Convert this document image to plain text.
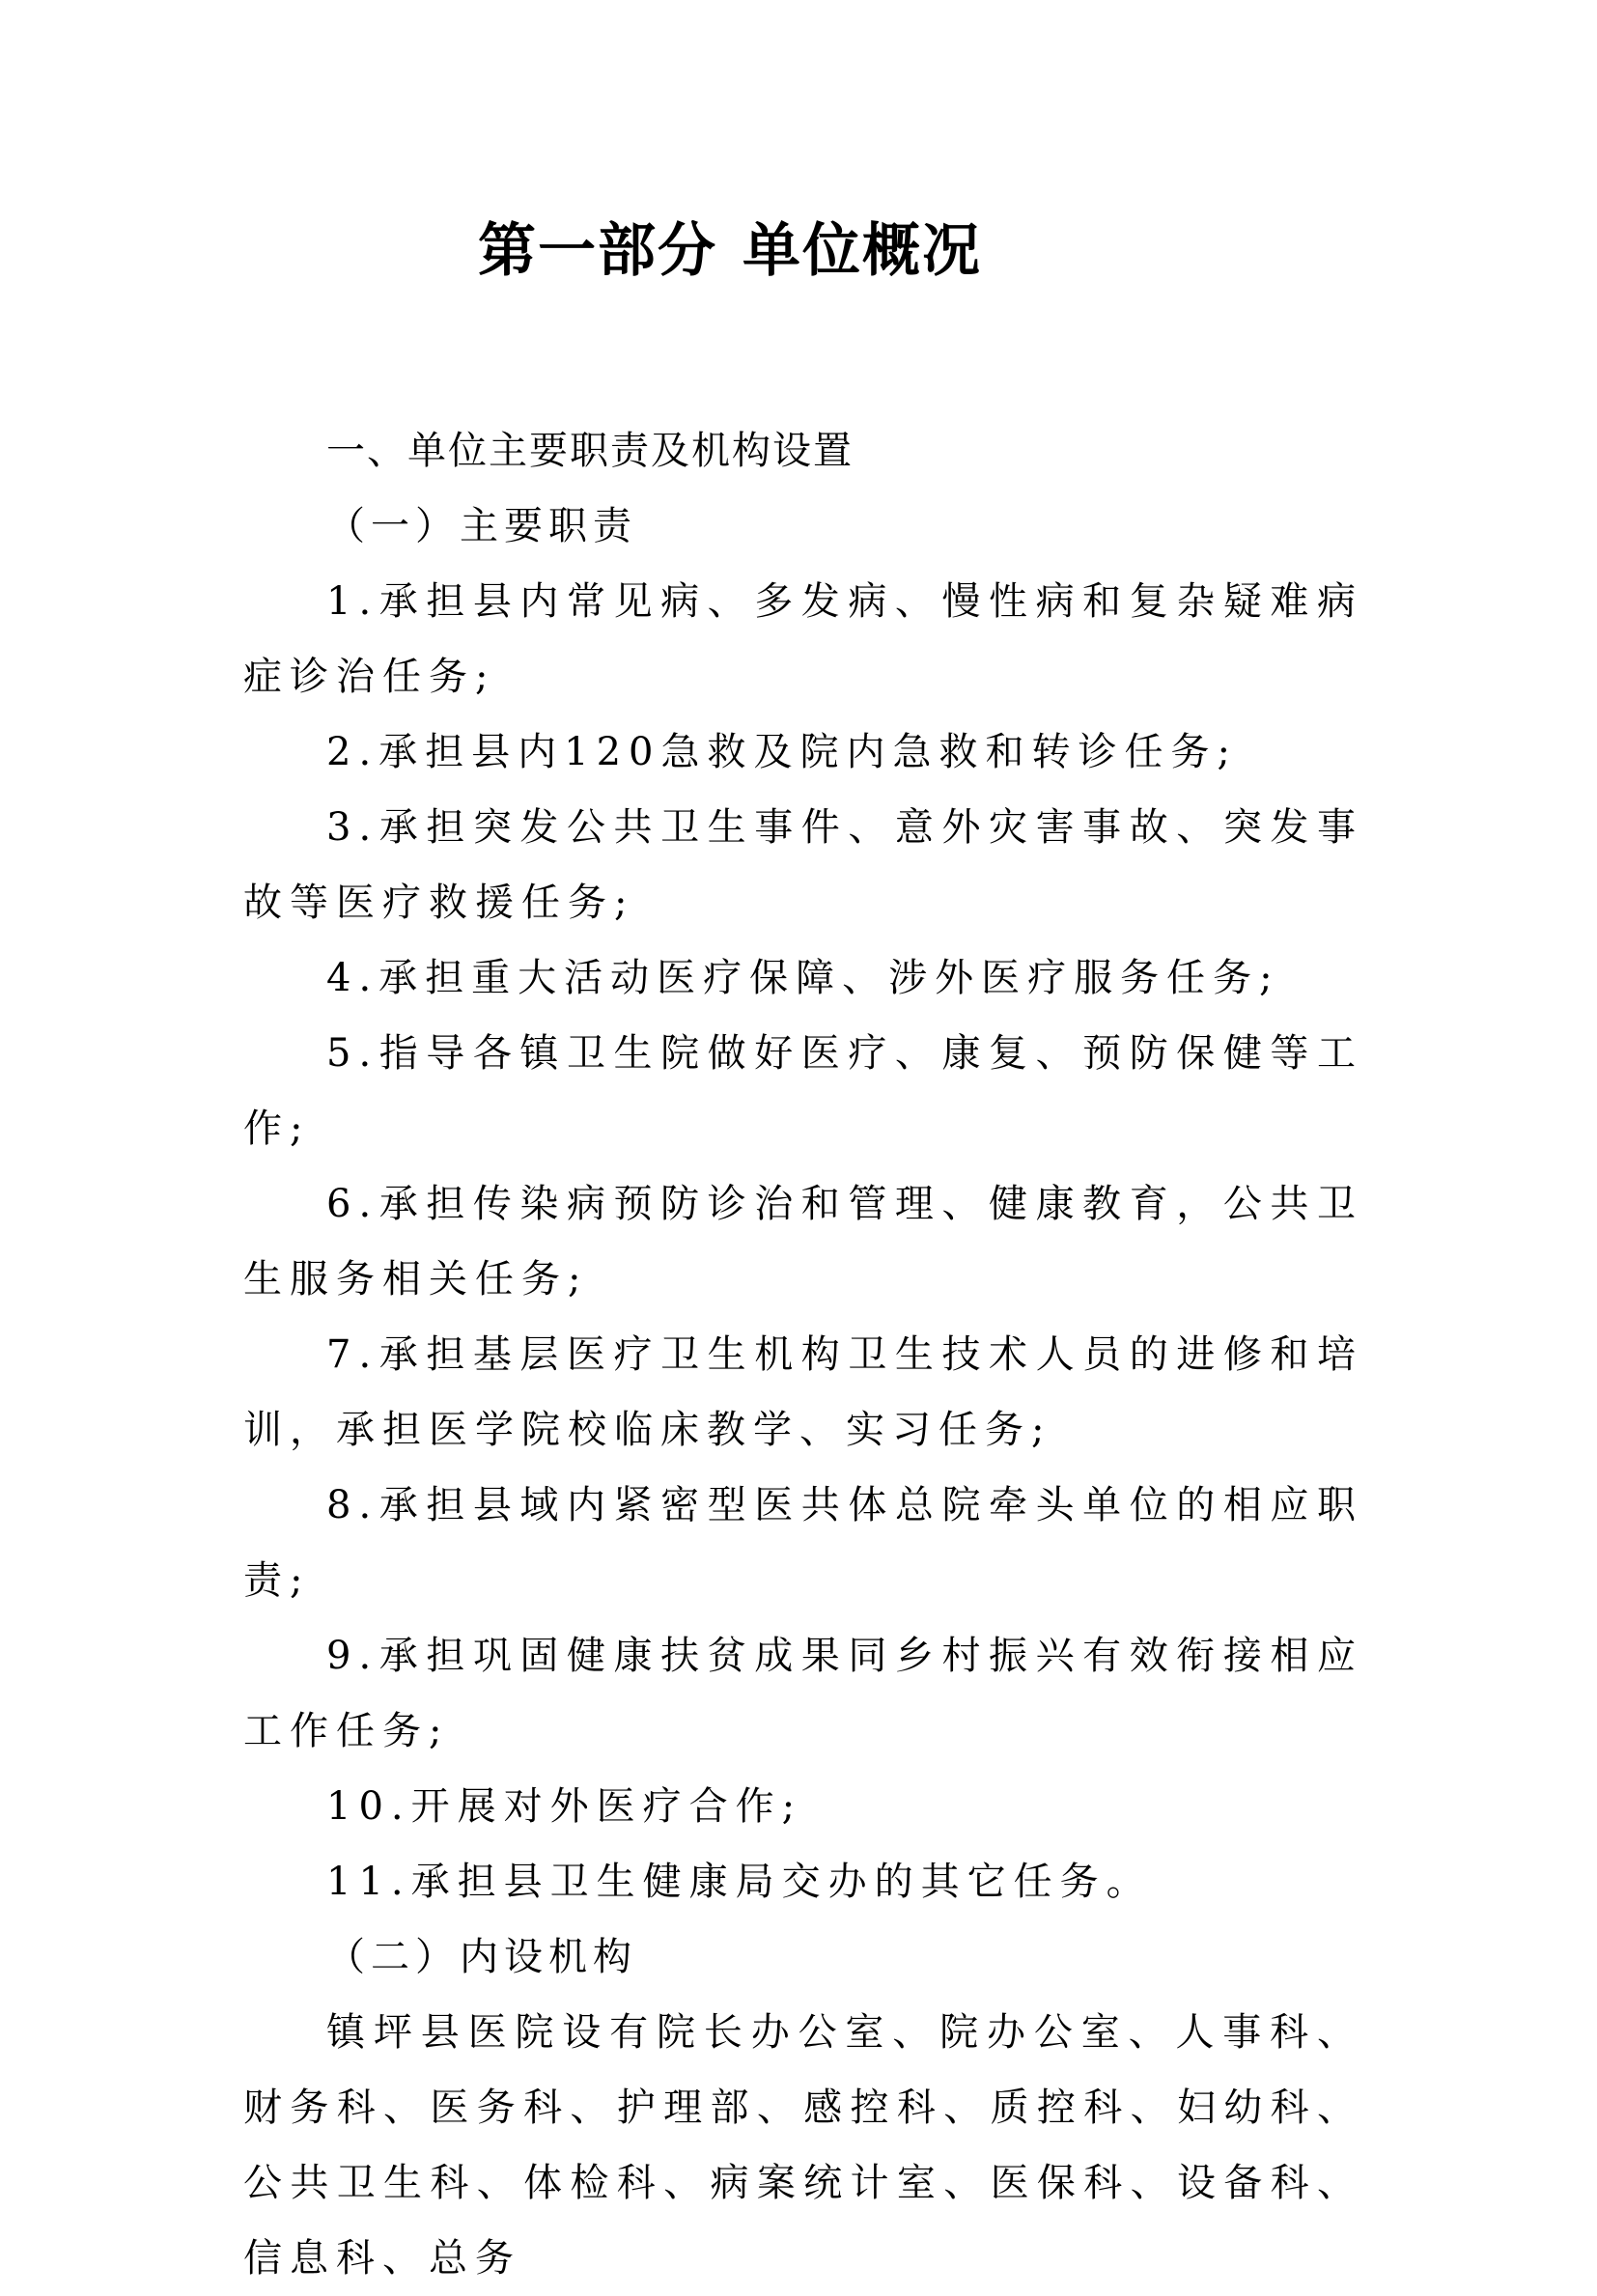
第一部分 单位概况

一、单位主要职责及机构设置

（一）主要职责

1.承担县内常见病、多发病、慢性病和复杂疑难病症诊治任务;

2.承担县内120急救及院内急救和转诊任务;

3.承担突发公共卫生事件、意外灾害事故、突发事故等医疗救援任务;

4.承担重大活动医疗保障、涉外医疗服务任务;

5.指导各镇卫生院做好医疗、康复、预防保健等工作;

6.承担传染病预防诊治和管理、健康教育，公共卫生服务相关任务;

7.承担基层医疗卫生机构卫生技术人员的进修和培训，承担医学院校临床教学、实习任务;

8.承担县域内紧密型医共体总院牵头单位的相应职责;

9.承担巩固健康扶贫成果同乡村振兴有效衔接相应工作任务;

10.开展对外医疗合作;

11.承担县卫生健康局交办的其它任务。

（二）内设机构

镇坪县医院设有院长办公室、院办公室、人事科、财务科、医务科、护理部、感控科、质控科、妇幼科、公共卫生科、体检科、病案统计室、医保科、设备科、信息科、总务
